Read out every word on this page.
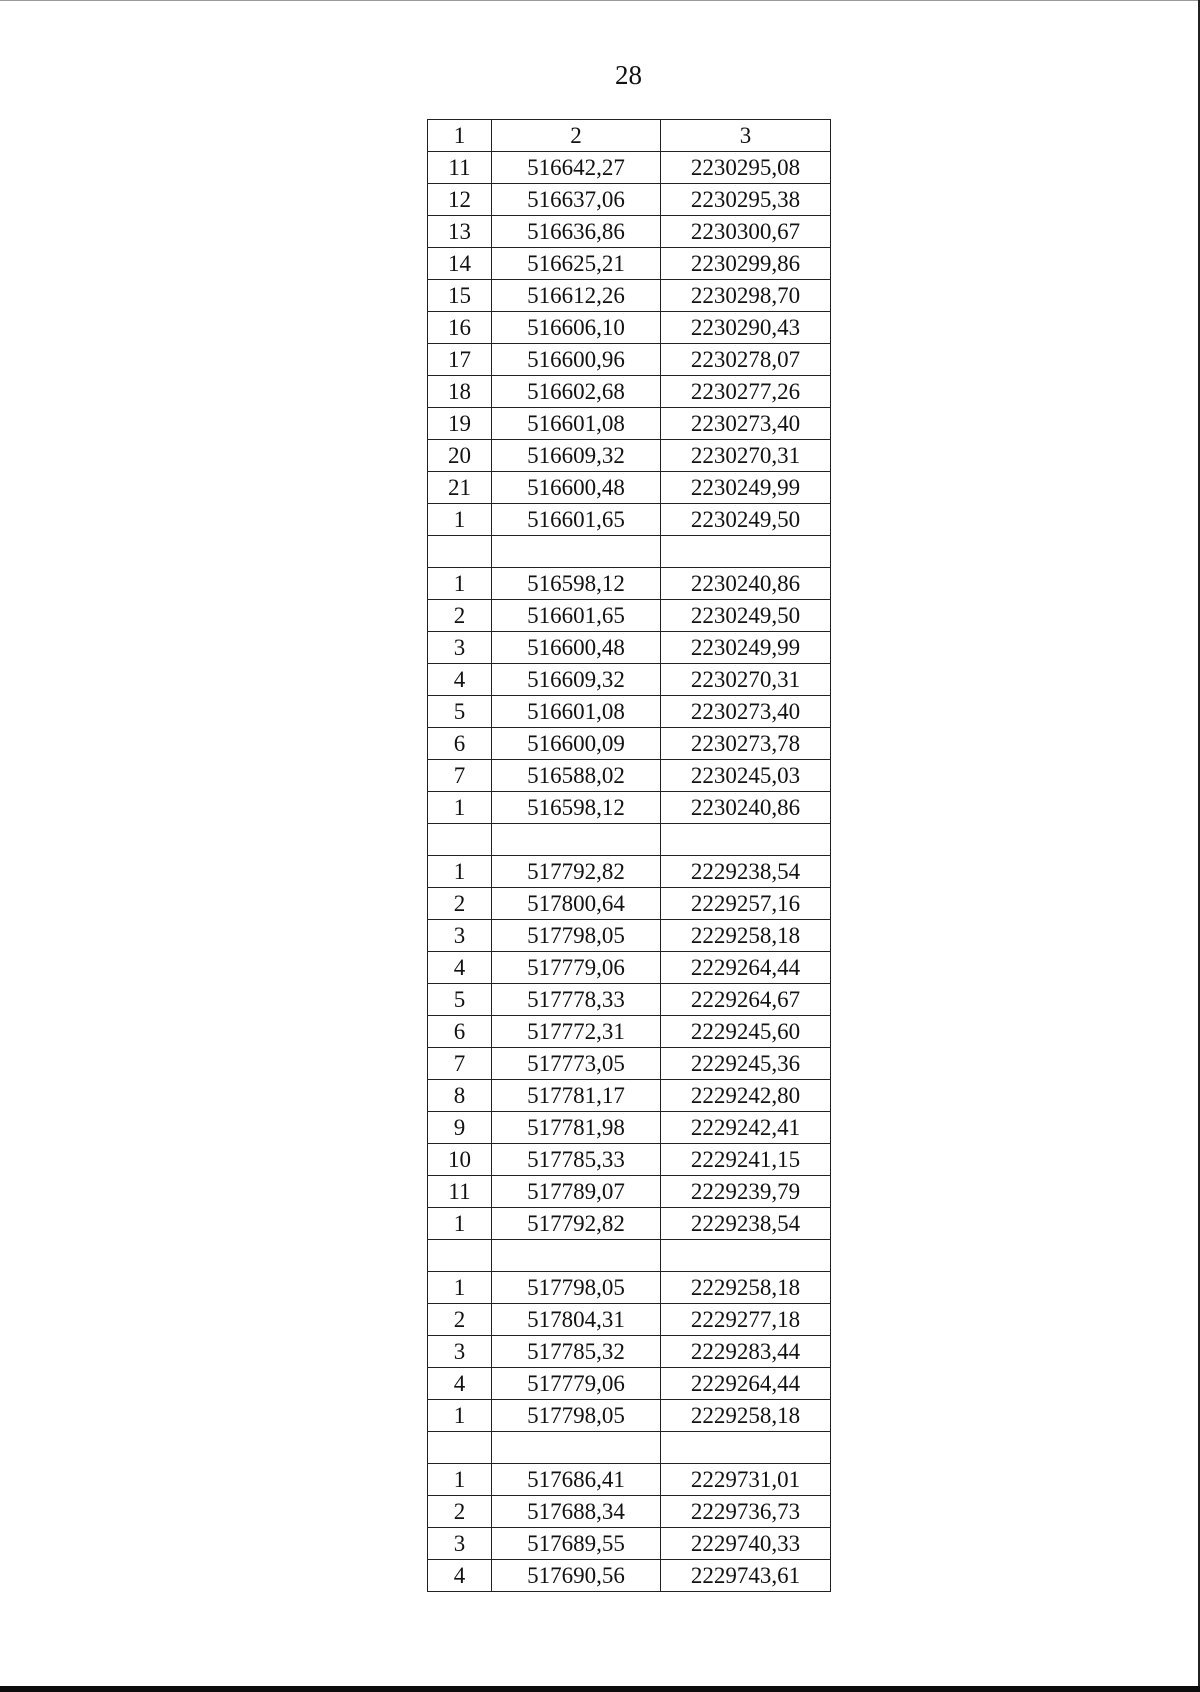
28
1	2	3
11	516642,27	2230295,08
12	516637,06	2230295,38
13	516636,86	2230300,67
14	516625,21	2230299,86
15	516612,26	2230298,70
16	516606,10	2230290,43
17	516600,96	2230278,07
18	516602,68	2230277,26
19	516601,08	2230273,40
20	516609,32	2230270,31
21	516600,48	2230249,99
1	516601,65	2230249,50

1	516598,12	2230240,86
2	516601,65	2230249,50
3	516600,48	2230249,99
4	516609,32	2230270,31
5	516601,08	2230273,40
6	516600,09	2230273,78
7	516588,02	2230245,03
1	516598,12	2230240,86

1	517792,82	2229238,54
2	517800,64	2229257,16
3	517798,05	2229258,18
4	517779,06	2229264,44
5	517778,33	2229264,67
6	517772,31	2229245,60
7	517773,05	2229245,36
8	517781,17	2229242,80
9	517781,98	2229242,41
10	517785,33	2229241,15
11	517789,07	2229239,79
1	517792,82	2229238,54

1	517798,05	2229258,18
2	517804,31	2229277,18
3	517785,32	2229283,44
4	517779,06	2229264,44
1	517798,05	2229258,18

1	517686,41	2229731,01
2	517688,34	2229736,73
3	517689,55	2229740,33
4	517690,56	2229743,61
